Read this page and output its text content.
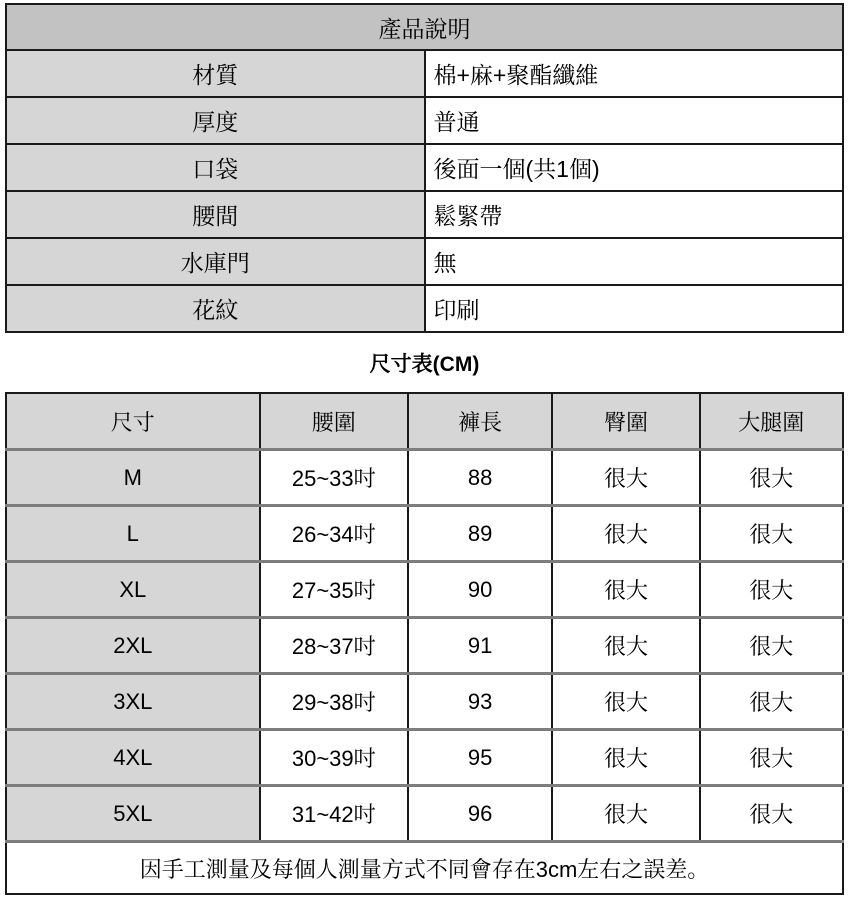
產品說明	
材質	棉+麻+聚酯纖維
厚度	普通
口袋	後面一個(共1個)
腰間	鬆緊帶
水庫門	無
花紋	印刷
尺寸表(CM)
尺寸	腰圍	褲長	臀圍	大腿圍
M	25~33吋	88	很大	很大
L	26~34吋	89	很大	很大
XL	27~35吋	90	很大	很大
2XL	28~37吋	91	很大	很大
3XL	29~38吋	93	很大	很大
4XL	30~39吋	95	很大	很大
5XL	31~42吋	96	很大	很大
因手工測量及每個人測量方式不同會存在3cm左右之誤差。				
